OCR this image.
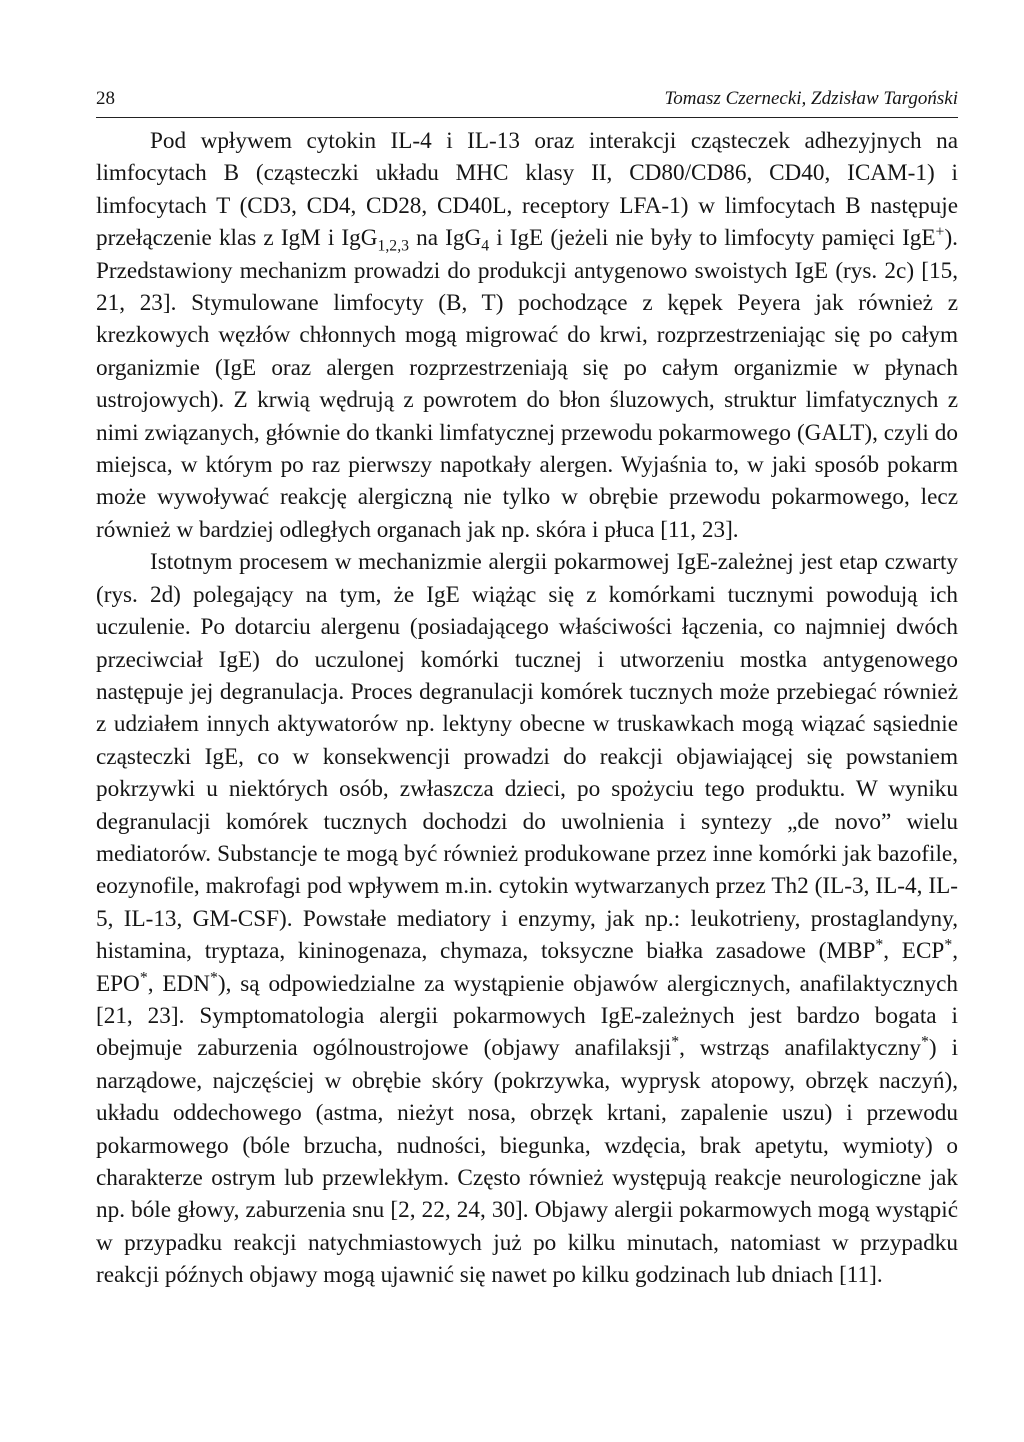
28	Tomasz Czernecki, Zdzisław Targoński

Pod wpływem cytokin IL-4 i IL-13 oraz interakcji cząsteczek adhezyjnych na limfocytach B (cząsteczki układu MHC klasy II, CD80/CD86, CD40, ICAM-1) i limfocytach T (CD3, CD4, CD28, CD40L, receptory LFA-1) w limfocytach B następuje przełączenie klas z IgM i IgG$_{1,2,3}$ na IgG$_4$ i IgE (jeżeli nie były to limfocyty pamięci IgE+). Przedstawiony mechanizm prowadzi do produkcji antygenowo swoistych IgE (rys. 2c) [15, 21, 23]. Stymulowane limfocyty (B, T) pochodzące z kępek Peyera jak również z krezkowych węzłów chłonnych mogą migrować do krwi, rozprzestrzeniając się po całym organizmie (IgE oraz alergen rozprzestrzeniają się po całym organizmie w płynach ustrojowych). Z krwią wędrują z powrotem do błon śluzowych, struktur limfatycznych z nimi związanych, głównie do tkanki limfatycznej przewodu pokarmowego (GALT), czyli do miejsca, w którym po raz pierwszy napotkały alergen. Wyjaśnia to, w jaki sposób pokarm może wywoływać reakcję alergiczną nie tylko w obrębie przewodu pokarmowego, lecz również w bardziej odległych organach jak np. skóra i płuca [11, 23].

Istotnym procesem w mechanizmie alergii pokarmowej IgE-zależnej jest etap czwarty (rys. 2d) polegający na tym, że IgE wiążąc się z komórkami tucznymi powodują ich uczulenie. Po dotarciu alergenu (posiadającego właściwości łączenia, co najmniej dwóch przeciwciał IgE) do uczulonej komórki tucznej i utworzeniu mostka antygenowego następuje jej degranulacja. Proces degranulacji komórek tucznych może przebiegać również z udziałem innych aktywatorów np. lektyny obecne w truskawkach mogą wiązać sąsiednie cząsteczki IgE, co w konsekwencji prowadzi do reakcji objawiającej się powstaniem pokrzywki u niektórych osób, zwłaszcza dzieci, po spożyciu tego produktu. W wyniku degranulacji komórek tucznych dochodzi do uwolnienia i syntezy „de novo” wielu mediatorów. Substancje te mogą być również produkowane przez inne komórki jak bazofile, eozynofile, makrofagi pod wpływem m.in. cytokin wytwarzanych przez Th2 (IL-3, IL-4, IL-5, IL-13, GM-CSF). Powstałe mediatory i enzymy, jak np.: leukotrieny, prostaglandyny, histamina, tryptaza, kininogenaza, chymaza, toksyczne białka zasadowe (MBP*, ECP*, EPO*, EDN*), są odpowiedzialne za wystąpienie objawów alergicznych, anafilaktycznych [21, 23]. Symptomatologia alergii pokarmowych IgE-zależnych jest bardzo bogata i obejmuje zaburzenia ogólnoustrojowe (objawy anafilaksji*, wstrząs anafilaktyczny*) i narządowe, najczęściej w obrębie skóry (pokrzywka, wyprysk atopowy, obrzęk naczyń), układu oddechowego (astma, nieżyt nosa, obrzęk krtani, zapalenie uszu) i przewodu pokarmowego (bóle brzucha, nudności, biegunka, wzdęcia, brak apetytu, wymioty) o charakterze ostrym lub przewlekłym. Często również występują reakcje neurologiczne jak np. bóle głowy, zaburzenia snu [2, 22, 24, 30]. Objawy alergii pokarmowych mogą wystąpić w przypadku reakcji natychmiastowych już po kilku minutach, natomiast w przypadku reakcji późnych objawy mogą ujawnić się nawet po kilku godzinach lub dniach [11].
